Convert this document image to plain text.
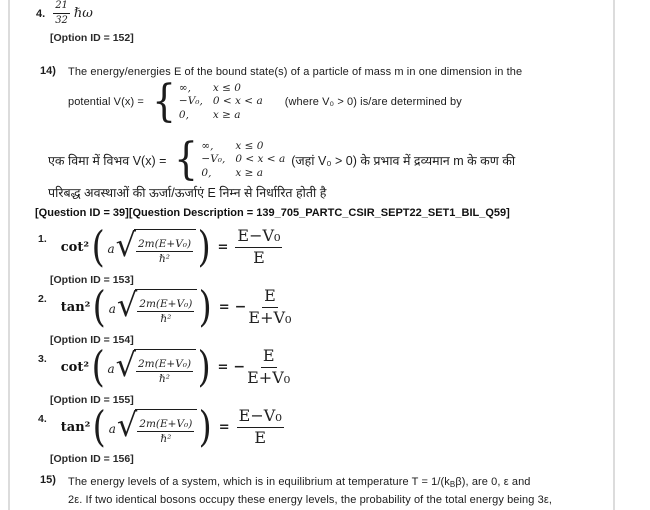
4. $\frac{21}{32}$ ℏω
[Option ID = 152]
14) The energy/energies E of the bound state(s) of a particle of mass m in one dimension in the
potential V(x) = { ∞,	x ≤ 0
−V₀, 0 < x < a
0,	x ≥ a
(where V₀ > 0) is/are determined by
एक विमा में विभव V(x) = { ∞,	x ≤ 0
−V₀, 0 < x < a
0,	x ≥ a
(जहां V₀ > 0) के प्रभाव में द्रव्यमान m के कण की
परिबद्ध अवस्थाओं की ऊर्जा/ऊर्जाएं E निम्न से निर्धारित होती है
[Question ID = 39][Question Description = 139_705_PARTC_CSIR_SEPT22_SET1_BIL_Q59]
1.
cot² ( a √ $\frac{\text{2m(E+V₀)}}{\text{ℏ²}}$ ) = $\frac{\text{E−V₀}}{E}$
[Option ID = 153]
2.
tan² ( a √ $\frac{\text{2m(E+V₀)}}{\text{ℏ²}}$ ) = − $\frac{E}{\text{E+V₀}}$
[Option ID = 154]
3.
cot² ( a √ $\frac{\text{2m(E+V₀)}}{\text{ℏ²}}$ ) = − $\frac{E}{\text{E+V₀}}$
[Option ID = 155]
4.
tan² ( a √ $\frac{\text{2m(E+V₀)}}{\text{ℏ²}}$ ) = $\frac{\text{E−V₀}}{E}$
[Option ID = 156]
15) The energy levels of a system, which is in equilibrium at temperature $T = 1/(k_B\beta)$, are 0, ε and
2ε. If two identical bosons occupy these energy levels, the probability of the total energy being 3ε,
